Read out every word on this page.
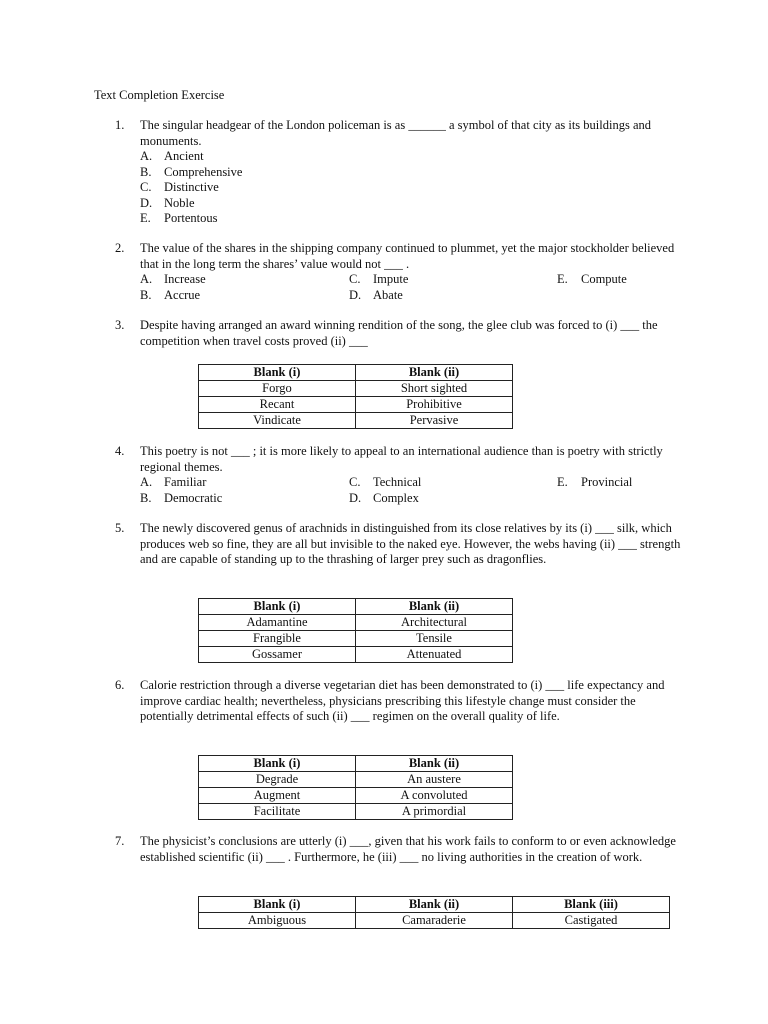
Text Completion Exercise
1. The singular headgear of the London policeman is as ______ a symbol of that city as its buildings and monuments.
A. Ancient
B.	Comprehensive
C.	Distinctive
D. Noble
E.	Portentous
2. The value of the shares in the shipping company continued to plummet, yet the major stockholder believed that in the long term the shares’ value would not ___ .
A. Increase
B.	Accrue
C.	Impute
D. Abate
E.	Compute
3. Despite having arranged an award winning rendition of the song, the glee club was forced to (i) ___ the competition when travel costs proved (ii) ___
Blank (i)	Blank (ii)
Forgo	Short sighted
Recant	Prohibitive
Vindicate	Pervasive
4. This poetry is not ___ ; it is more likely to appeal to an international audience than is poetry with strictly regional themes.
A. Familiar
B.	Democratic
C.	Technical
D. Complex
E.	Provincial
5. The newly discovered genus of arachnids in distinguished from its close relatives by its (i) ___ silk, which produces web so fine, they are all but invisible to the naked eye. However, the webs having (ii) ___ strength and are capable of standing up to the thrashing of larger prey such as dragonflies.
Blank (i)	Blank (ii)
Adamantine	Architectural
Frangible	Tensile
Gossamer	Attenuated
6. Calorie restriction through a diverse vegetarian diet has been demonstrated to (i) ___ life expectancy and improve cardiac health; nevertheless, physicians prescribing this lifestyle change must consider the potentially detrimental effects of such (ii) ___ regimen on the overall quality of life.
Blank (i)	Blank (ii)
Degrade	An austere
Augment	A convoluted
Facilitate	A primordial
7. The physicist’s conclusions are utterly (i) ___, given that his work fails to conform to or even acknowledge established scientific (ii) ___ . Furthermore, he (iii) ___ no living authorities in the creation of work.
Blank (i)	Blank (ii)	Blank (iii)
Ambiguous	Camaraderie	Castigated
